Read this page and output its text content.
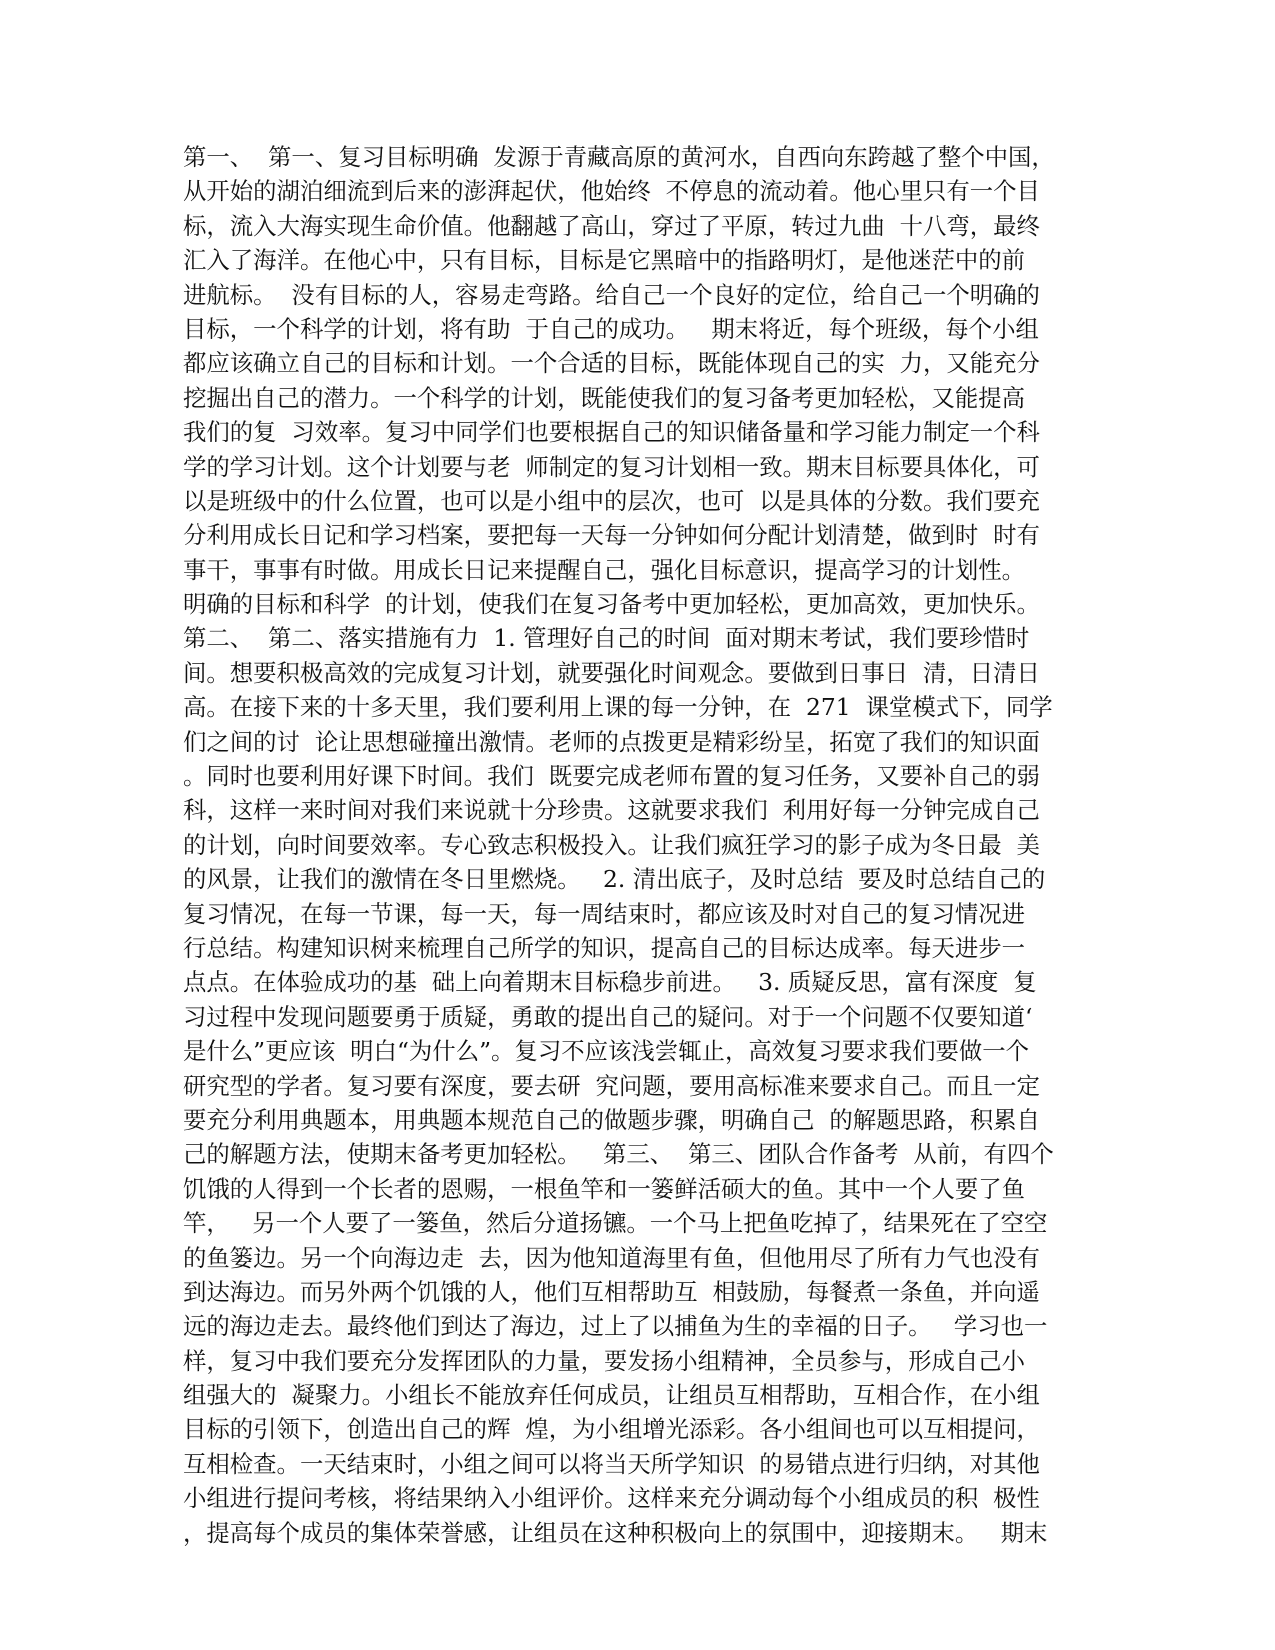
第一、  第一、复习目标明确  发源于青藏高原的黄河水，自西向东跨越了整个中国，
从开始的湖泊细流到后来的澎湃起伏，他始终  不停息的流动着。他心里只有一个目
标，流入大海实现生命价值。他翻越了高山，穿过了平原，转过九曲  十八弯，最终
汇入了海洋。在他心中，只有目标，目标是它黑暗中的指路明灯，是他迷茫中的前
进航标。  没有目标的人，容易走弯路。给自己一个良好的定位，给自己一个明确的
目标，一个科学的计划，将有助  于自己的成功。   期末将近，每个班级，每个小组
都应该确立自己的目标和计划。一个合适的目标，既能体现自己的实  力，又能充分
挖掘出自己的潜力。一个科学的计划，既能使我们的复习备考更加轻松，又能提高
我们的复  习效率。复习中同学们也要根据自己的知识储备量和学习能力制定一个科
学的学习计划。这个计划要与老  师制定的复习计划相一致。期末目标要具体化，可
以是班级中的什么位置，也可以是小组中的层次，也可  以是具体的分数。我们要充
分利用成长日记和学习档案，要把每一天每一分钟如何分配计划清楚，做到时  时有
事干，事事有时做。用成长日记来提醒自己，强化目标意识，提高学习的计划性。
明确的目标和科学  的计划，使我们在复习备考中更加轻松，更加高效，更加快乐。
第二、  第二、落实措施有力  1. 管理好自己的时间  面对期末考试，我们要珍惜时
间。想要积极高效的完成复习计划，就要强化时间观念。要做到日事日  清，日清日
高。在接下来的十多天里，我们要利用上课的每一分钟，在  271  课堂模式下，同学
们之间的讨  论让思想碰撞出激情。老师的点拨更是精彩纷呈，拓宽了我们的知识面
。同时也要利用好课下时间。我们  既要完成老师布置的复习任务，又要补自己的弱
科，这样一来时间对我们来说就十分珍贵。这就要求我们  利用好每一分钟完成自己
的计划，向时间要效率。专心致志积极投入。让我们疯狂学习的影子成为冬日最  美
的风景，让我们的激情在冬日里燃烧。   2. 清出底子，及时总结  要及时总结自己的
复习情况，在每一节课，每一天，每一周结束时，都应该及时对自己的复习情况进
行总结。构建知识树来梳理自己所学的知识，提高自己的目标达成率。每天进步一
点点。在体验成功的基  础上向着期末目标稳步前进。   3. 质疑反思，富有深度  复
习过程中发现问题要勇于质疑，勇敢的提出自己的疑问。对于一个问题不仅要知道‘
是什么”更应该  明白“为什么”。复习不应该浅尝辄止，高效复习要求我们要做一个
研究型的学者。复习要有深度，要去研  究问题，要用高标准来要求自己。而且一定
要充分利用典题本，用典题本规范自己的做题步骤，明确自己  的解题思路，积累自
己的解题方法，使期末备考更加轻松。   第三、  第三、团队合作备考  从前，有四个
饥饿的人得到一个长者的恩赐，一根鱼竿和一篓鲜活硕大的鱼。其中一个人要了鱼
竿，   另一个人要了一篓鱼，然后分道扬镳。一个马上把鱼吃掉了，结果死在了空空
的鱼篓边。另一个向海边走  去，因为他知道海里有鱼，但他用尽了所有力气也没有
到达海边。而另外两个饥饿的人，他们互相帮助互  相鼓励，每餐煮一条鱼，并向遥
远的海边走去。最终他们到达了海边，过上了以捕鱼为生的幸福的日子。   学习也一
样，复习中我们要充分发挥团队的力量，要发扬小组精神，全员参与，形成自己小
组强大的  凝聚力。小组长不能放弃任何成员，让组员互相帮助，互相合作，在小组
目标的引领下，创造出自己的辉  煌，为小组增光添彩。各小组间也可以互相提问，
互相检查。一天结束时，小组之间可以将当天所学知识  的易错点进行归纳，对其他
小组进行提问考核，将结果纳入小组评价。这样来充分调动每个小组成员的积  极性
，提高每个成员的集体荣誉感，让组员在这种积极向上的氛围中，迎接期末。   期末
